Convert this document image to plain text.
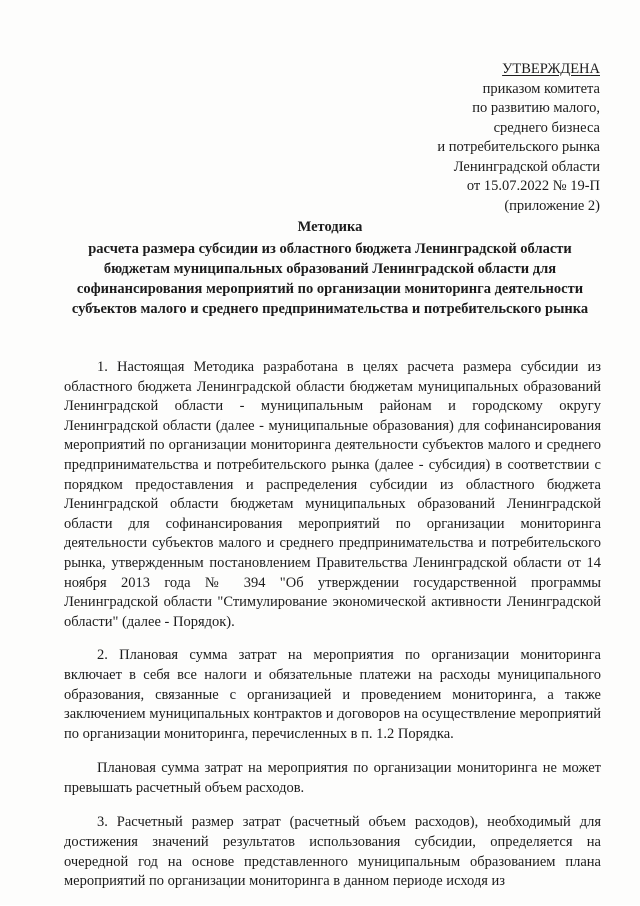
УТВЕРЖДЕНА
приказом комитета
по развитию малого,
среднего бизнеса
и потребительского рынка
Ленинградской области
от 15.07.2022 № 19-П
(приложение 2)
Методика
расчета размера субсидии из областного бюджета Ленинградской области бюджетам муниципальных образований Ленинградской области для софинансирования мероприятий по организации мониторинга деятельности субъектов малого и среднего предпринимательства и потребительского рынка

1. Настоящая Методика разработана в целях расчета размера субсидии из областного бюджета Ленинградской области бюджетам муниципальных образований Ленинградской области - муниципальным районам и городскому округу Ленинградской области (далее - муниципальные образования) для софинансирования мероприятий по организации мониторинга деятельности субъектов малого и среднего предпринимательства и потребительского рынка (далее - субсидия) в соответствии с порядком предоставления и распределения субсидии из областного бюджета Ленинградской области бюджетам муниципальных образований Ленинградской области для софинансирования мероприятий по организации мониторинга деятельности субъектов малого и среднего предпринимательства и потребительского рынка, утвержденным постановлением Правительства Ленинградской области от 14 ноября 2013 года № 394 "Об утверждении государственной программы Ленинградской области "Стимулирование экономической активности Ленинградской области" (далее - Порядок).

2. Плановая сумма затрат на мероприятия по организации мониторинга включает в себя все налоги и обязательные платежи на расходы муниципального образования, связанные с организацией и проведением мониторинга, а также заключением муниципальных контрактов и договоров на осуществление мероприятий по организации мониторинга, перечисленных в п. 1.2 Порядка.

Плановая сумма затрат на мероприятия по организации мониторинга не может превышать расчетный объем расходов.

3. Расчетный размер затрат (расчетный объем расходов), необходимый для достижения значений результатов использования субсидии, определяется на очередной год на основе представленного муниципальным образованием плана мероприятий по организации мониторинга в данном периоде исходя из
